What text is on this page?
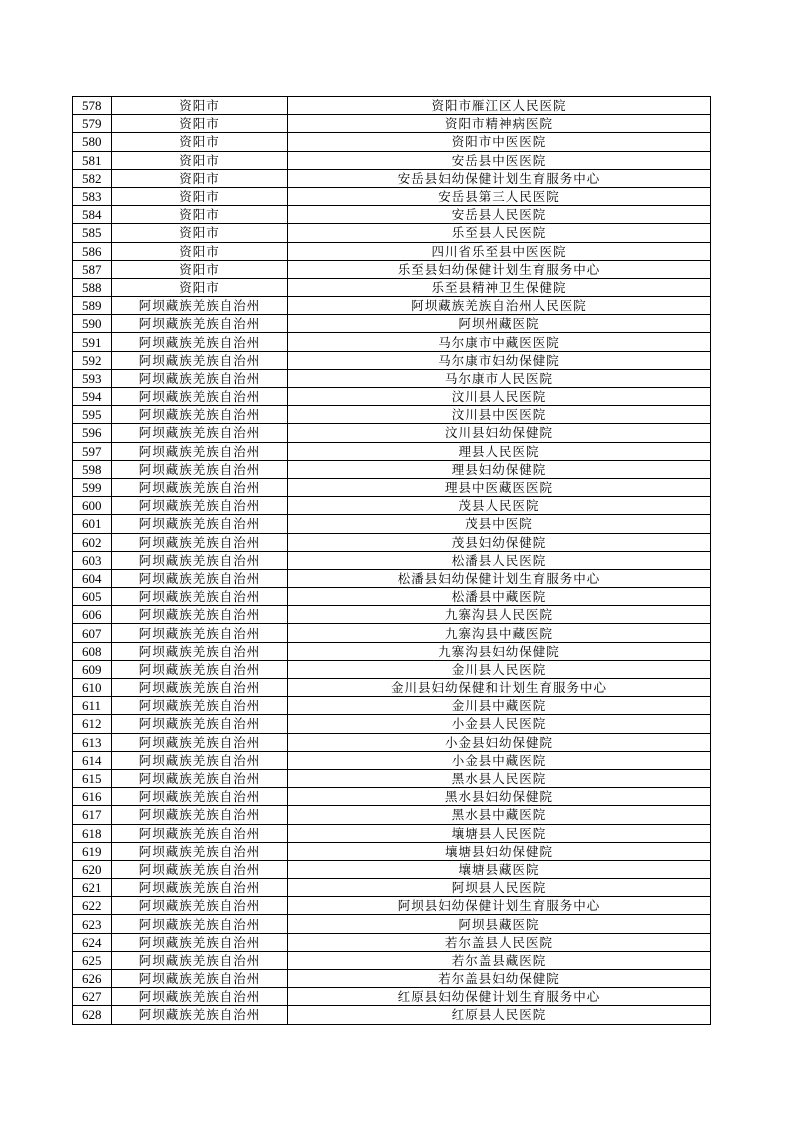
578	资阳市	资阳市雁江区人民医院
579	资阳市	资阳市精神病医院
580	资阳市	资阳市中医医院
581	资阳市	安岳县中医医院
582	资阳市	安岳县妇幼保健计划生育服务中心
583	资阳市	安岳县第三人民医院
584	资阳市	安岳县人民医院
585	资阳市	乐至县人民医院
586	资阳市	四川省乐至县中医医院
587	资阳市	乐至县妇幼保健计划生育服务中心
588	资阳市	乐至县精神卫生保健院
589	阿坝藏族羌族自治州	阿坝藏族羌族自治州人民医院
590	阿坝藏族羌族自治州	阿坝州藏医院
591	阿坝藏族羌族自治州	马尔康市中藏医医院
592	阿坝藏族羌族自治州	马尔康市妇幼保健院
593	阿坝藏族羌族自治州	马尔康市人民医院
594	阿坝藏族羌族自治州	汶川县人民医院
595	阿坝藏族羌族自治州	汶川县中医医院
596	阿坝藏族羌族自治州	汶川县妇幼保健院
597	阿坝藏族羌族自治州	理县人民医院
598	阿坝藏族羌族自治州	理县妇幼保健院
599	阿坝藏族羌族自治州	理县中医藏医医院
600	阿坝藏族羌族自治州	茂县人民医院
601	阿坝藏族羌族自治州	茂县中医院
602	阿坝藏族羌族自治州	茂县妇幼保健院
603	阿坝藏族羌族自治州	松潘县人民医院
604	阿坝藏族羌族自治州	松潘县妇幼保健计划生育服务中心
605	阿坝藏族羌族自治州	松潘县中藏医院
606	阿坝藏族羌族自治州	九寨沟县人民医院
607	阿坝藏族羌族自治州	九寨沟县中藏医院
608	阿坝藏族羌族自治州	九寨沟县妇幼保健院
609	阿坝藏族羌族自治州	金川县人民医院
610	阿坝藏族羌族自治州	金川县妇幼保健和计划生育服务中心
611	阿坝藏族羌族自治州	金川县中藏医院
612	阿坝藏族羌族自治州	小金县人民医院
613	阿坝藏族羌族自治州	小金县妇幼保健院
614	阿坝藏族羌族自治州	小金县中藏医院
615	阿坝藏族羌族自治州	黑水县人民医院
616	阿坝藏族羌族自治州	黑水县妇幼保健院
617	阿坝藏族羌族自治州	黑水县中藏医院
618	阿坝藏族羌族自治州	壤塘县人民医院
619	阿坝藏族羌族自治州	壤塘县妇幼保健院
620	阿坝藏族羌族自治州	壤塘县藏医院
621	阿坝藏族羌族自治州	阿坝县人民医院
622	阿坝藏族羌族自治州	阿坝县妇幼保健计划生育服务中心
623	阿坝藏族羌族自治州	阿坝县藏医院
624	阿坝藏族羌族自治州	若尔盖县人民医院
625	阿坝藏族羌族自治州	若尔盖县藏医院
626	阿坝藏族羌族自治州	若尔盖县妇幼保健院
627	阿坝藏族羌族自治州	红原县妇幼保健计划生育服务中心
628	阿坝藏族羌族自治州	红原县人民医院
